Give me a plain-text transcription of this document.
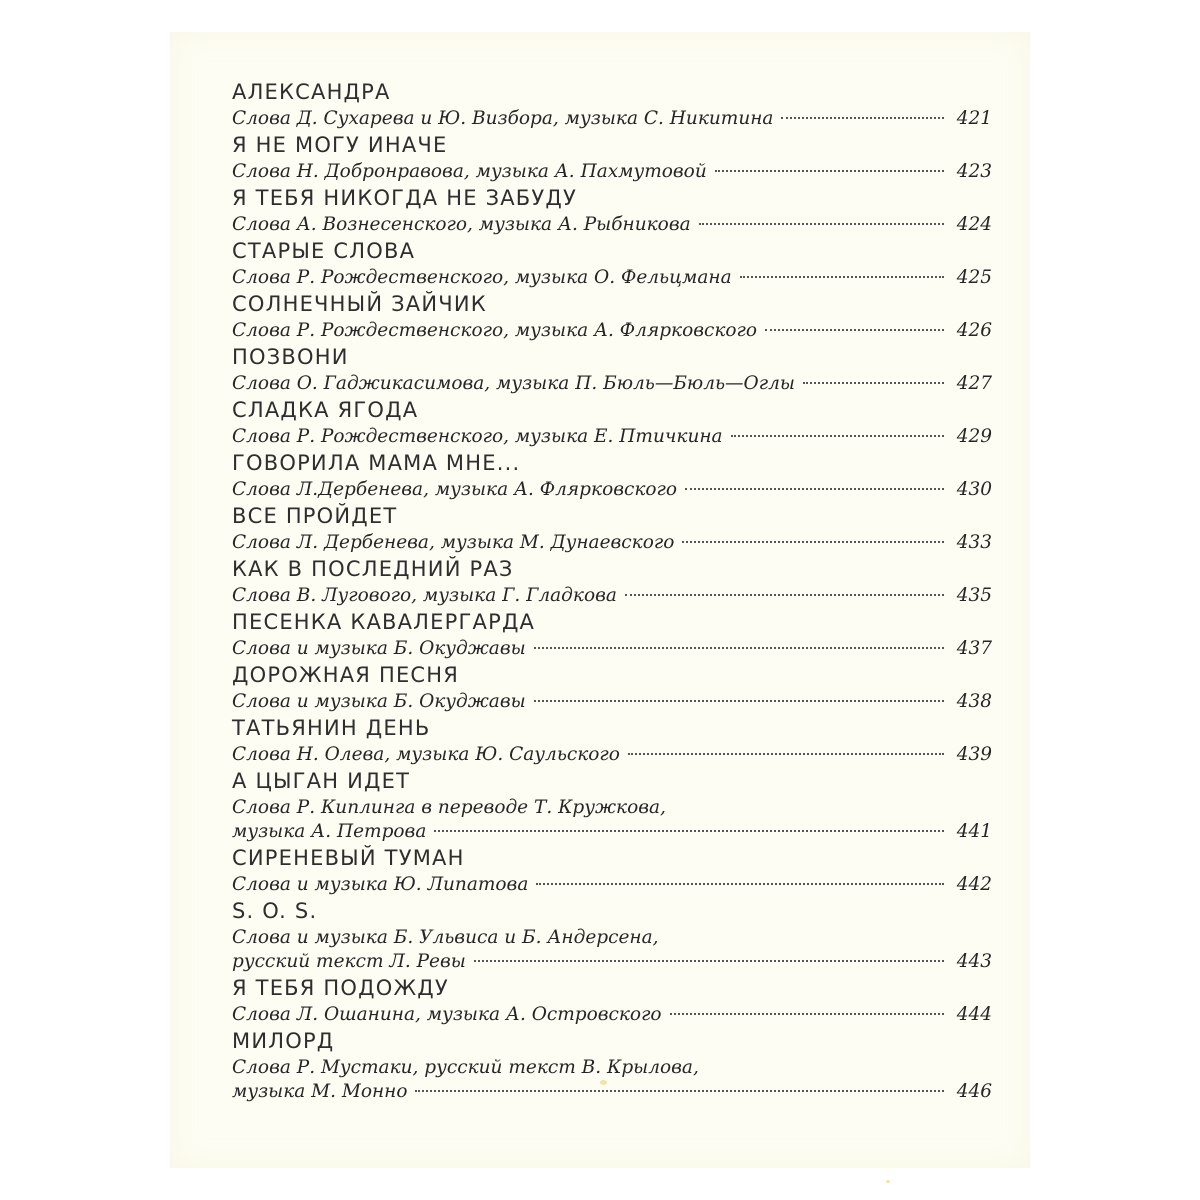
АЛЕКСАНДРА
Слова Д. Сухарева и Ю. Визбора, музыка С. Никитина	421
Я НЕ МОГУ ИНАЧЕ
Слова Н. Добронравова, музыка А. Пахмутовой	423
Я ТЕБЯ НИКОГДА НЕ ЗАБУДУ
Слова А. Вознесенского, музыка А. Рыбникова	424
СТАРЫЕ СЛОВА
Слова Р. Рождественского, музыка О. Фельцмана	425
СОЛНЕЧНЫЙ ЗАЙЧИК
Слова Р. Рождественского, музыка А. Флярковского	426
ПОЗВОНИ
Слова О. Гаджикасимова, музыка П. Бюль—Бюль—Оглы	427
СЛАДКА ЯГОДА
Слова Р. Рождественского, музыка Е. Птичкина	429
ГОВОРИЛА МАМА МНЕ...
Слова Л.Дербенева, музыка А. Флярковского	430
ВСЕ ПРОЙДЕТ
Слова Л. Дербенева, музыка М. Дунаевского	433
КАК В ПОСЛЕДНИЙ РАЗ
Слова В. Лугового, музыка Г. Гладкова	435
ПЕСЕНКА КАВАЛЕРГАРДА
Слова и музыка Б. Окуджавы	437
ДОРОЖНАЯ ПЕСНЯ
Слова и музыка Б. Окуджавы	438
ТАТЬЯНИН ДЕНЬ
Слова Н. Олева, музыка Ю. Саульского	439
А ЦЫГАН ИДЕТ
Слова Р. Киплинга в переводе Т. Кружкова,
музыка А. Петрова	441
СИРЕНЕВЫЙ ТУМАН
Слова и музыка Ю. Липатова	442
S. O. S.
Слова и музыка Б. Ульвиса и Б. Андерсена,
русский текст Л. Ревы	443
Я ТЕБЯ ПОДОЖДУ
Слова Л. Ошанина, музыка А. Островского	444
МИЛОРД
Слова Р. Мустаки, русский текст В. Крылова,
музыка М. Монно	446
